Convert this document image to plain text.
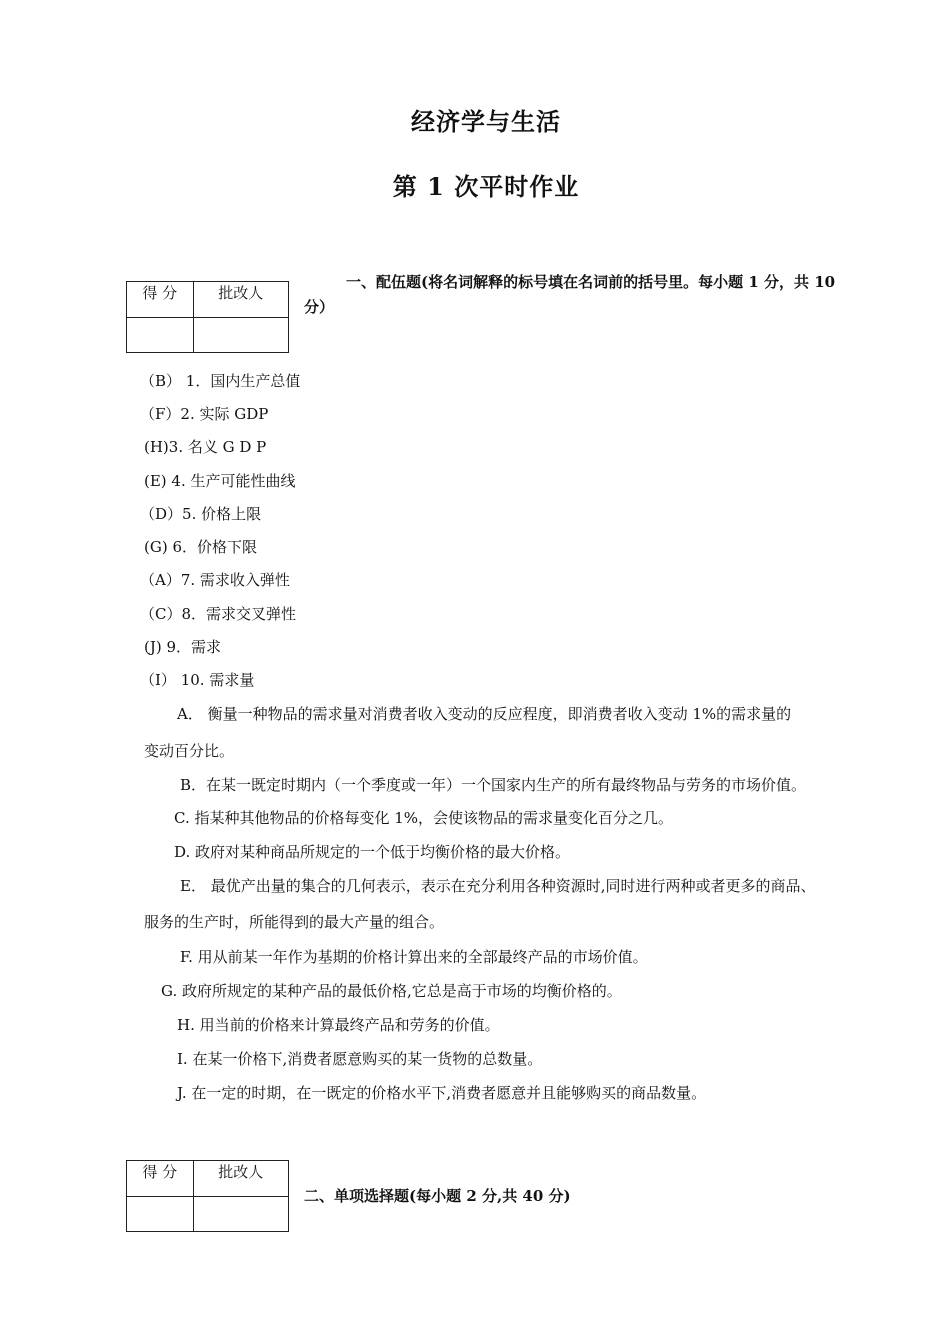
经济学与生活
第 1 次平时作业
得 分	批改人

一、配伍题(将名词解释的标号填在名词前的括号里。每小题 1 分，共 10
分）
（B） 1．国内生产总值
（F）2. 实际 GDP
(H)3. 名义 G D P
(E) 4. 生产可能性曲线
（D）5. 价格上限
(G) 6．价格下限
（A）7. 需求收入弹性
（C）8．需求交叉弹性
(J) 9．需求
（I） 10. 需求量
A． 衡量一种物品的需求量对消费者收入变动的反应程度，即消费者收入变动 1%的需求量的
变动百分比。
B．在某一既定时期内（一个季度或一年）一个国家内生产的所有最终物品与劳务的市场价值。
C. 指某种其他物品的价格每变化 1%，会使该物品的需求量变化百分之几。
D. 政府对某种商品所规定的一个低于均衡价格的最大价格。
E． 最优产出量的集合的几何表示，表示在充分利用各种资源时,同时进行两种或者更多的商品、
服务的生产时，所能得到的最大产量的组合。
F. 用从前某一年作为基期的价格计算出来的全部最终产品的市场价值。
G. 政府所规定的某种产品的最低价格,它总是高于市场的均衡价格的。
H. 用当前的价格来计算最终产品和劳务的价值。
I. 在某一价格下,消费者愿意购买的某一货物的总数量。
J. 在一定的时期，在一既定的价格水平下,消费者愿意并且能够购买的商品数量。
得 分	批改人

二、单项选择题(每小题 2 分,共 40 分)
